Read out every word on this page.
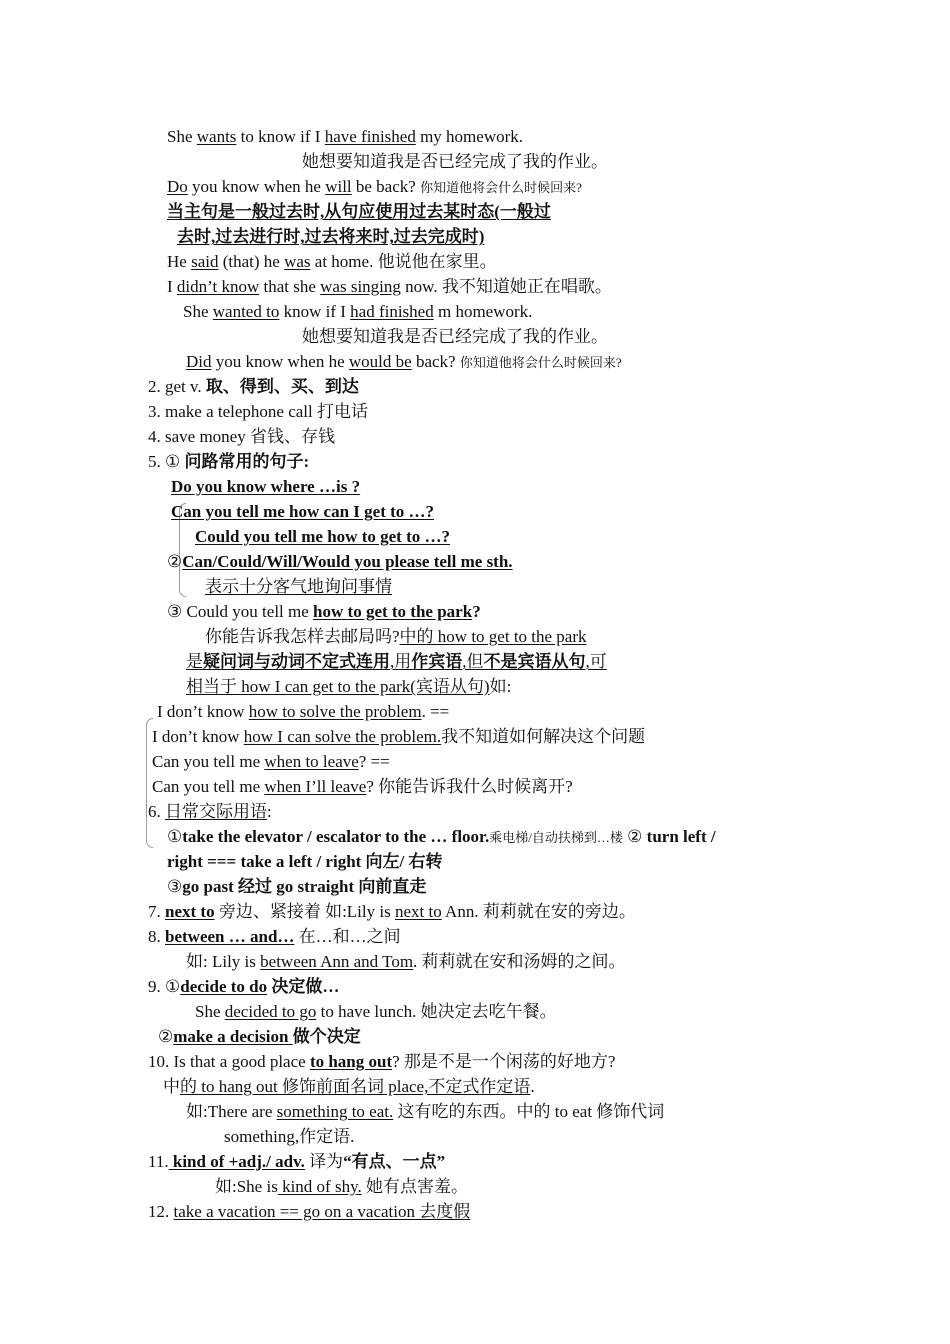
She wants to know if I have finished my homework.
她想要知道我是否已经完成了我的作业。
Do you know when he will be back? 你知道他将会什么时候回来?
当主句是一般过去时,从句应使用过去某时态(一般过
去时,过去进行时,过去将来时,过去完成时)
He said (that) he was at home. 他说他在家里。
I didn’t know that she was singing now. 我不知道她正在唱歌。
She wanted to know if I had finished m homework.
她想要知道我是否已经完成了我的作业。
Did you know when he would be back? 你知道他将会什么时候回来?
2. get v. 取、得到、买、到达
3. make a telephone call 打电话
4. save money 省钱、存钱
5. ① 问路常用的句子:
Do you know where …is ?
Can you tell me how can I get to …?
Could you tell me how to get to …?
②Can/Could/Will/Would you please tell me sth.
表示十分客气地询问事情
③ Could you tell me how to get to the park?
你能告诉我怎样去邮局吗?中的 how to get to the park
是疑问词与动词不定式连用,用作宾语,但不是宾语从句,可
相当于 how I can get to the park(宾语从句)如:
I don’t know how to solve the problem. ==
I don’t know how I can solve the problem.我不知道如何解决这个问题
Can you tell me when to leave? ==
Can you tell me when I’ll leave? 你能告诉我什么时候离开?
6. 日常交际用语:
①take the elevator / escalator to the … floor.乘电梯/自动扶梯到…楼 ② turn left /
right === take a left / right 向左/ 右转
③go past 经过 go straight 向前直走
7. next to 旁边、紧接着 如:Lily is next to Ann. 莉莉就在安的旁边。
8. between … and… 在…和…之间
如: Lily is between Ann and Tom. 莉莉就在安和汤姆的之间。
9. ①decide to do 决定做…
She decided to go to have lunch. 她决定去吃午餐。
②make a decision 做个决定
10. Is that a good place to hang out? 那是不是一个闲荡的好地方?
中的 to hang out 修饰前面名词 place,不定式作定语.
如:There are something to eat. 这有吃的东西。中的 to eat 修饰代词
something,作定语.
11. kind of +adj./ adv. 译为“有点、一点”
如:She is kind of shy. 她有点害羞。
12. take a vacation == go on a vacation 去度假
